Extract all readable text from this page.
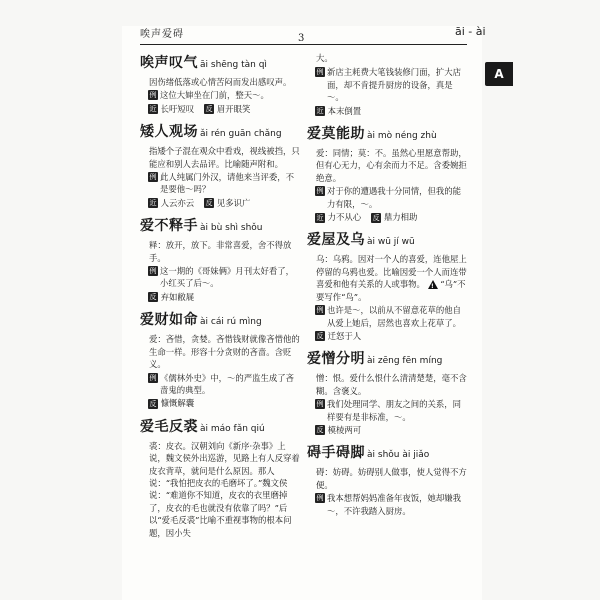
唉声爱碍	3
āi - ài
A
唉声叹气 āi shēng tàn qì
因伤绪低落或心情苦闷而发出感叹声。
例 这位大婶坐在门前，整天～。
近 长吁短叹 反 眉开眼笑
矮人观场 ǎi rén guān chǎng
指矮个子混在观众中看戏，视线被挡，只能应和别人去品评。比喻随声附和。
例 此人纯属门外汉，请他来当评委，不是要他～吗？
近 人云亦云 反 见多识广
爱不释手 ài bù shì shǒu
释：放开，放下。非常喜爱，舍不得放手。
例 这一期的《哥妹俩》月刊太好看了，小红买了后～。
反 弃如敝屣
爱财如命 ài cái rú mìng
爱：吝惜，贪婪。吝惜钱财就像吝惜他的生命一样。形容十分贪财的吝啬。含贬义。
例 《儒林外史》中，～的严监生成了吝啬鬼的典型。
反 慷慨解囊
爱毛反裘 ài máo fǎn qiú
裘：皮衣。汉朝刘向《新序·杂事》上说，魏文侯外出巡游，见路上有人反穿着皮衣背草，就问是什么原因。那人说：“我怕把皮衣的毛磨坏了。”魏文侯说：“难道你不知道，皮衣的衣里磨掉了，皮衣的毛也就没有依靠了吗？”后以“爱毛反裘”比喻不重视事物的根本问题，因小失
大。
例 新店主耗费大笔钱装修门面，扩大店面，却不肯提升厨房的设备，真是～。
近 本末倒置
爱莫能助 ài mò néng zhù
爱：同情；莫：不。虽然心里愿意帮助，但有心无力，心有余而力不足。含委婉拒绝意。
例 对于你的遭遇我十分同情，但我的能力有限，～。
近 力不从心 反 鼎力相助
爱屋及乌 ài wū jí wū
乌：乌鸦。因对一个人的喜爱，连他屋上停留的乌鸦也爱。比喻因爱一个人而连带喜爱和他有关系的人或事物。 ! “乌”不要写作“鸟”。
例 也许是～，以前从不留意花草的他自从爱上她后，居然也喜欢上花草了。
反 迁怒于人
爱憎分明 ài zēng fēn míng
憎：恨。爱什么恨什么清清楚楚，毫不含糊。含褒义。
例 我们处理同学、朋友之间的关系，同样要有是非标准，～。
反 模棱两可
碍手碍脚 ài shǒu ài jiǎo
碍：妨碍。妨碍别人做事，使人觉得不方便。
例 我本想帮妈妈准备年夜饭，她却嫌我～，不许我踏入厨房。
